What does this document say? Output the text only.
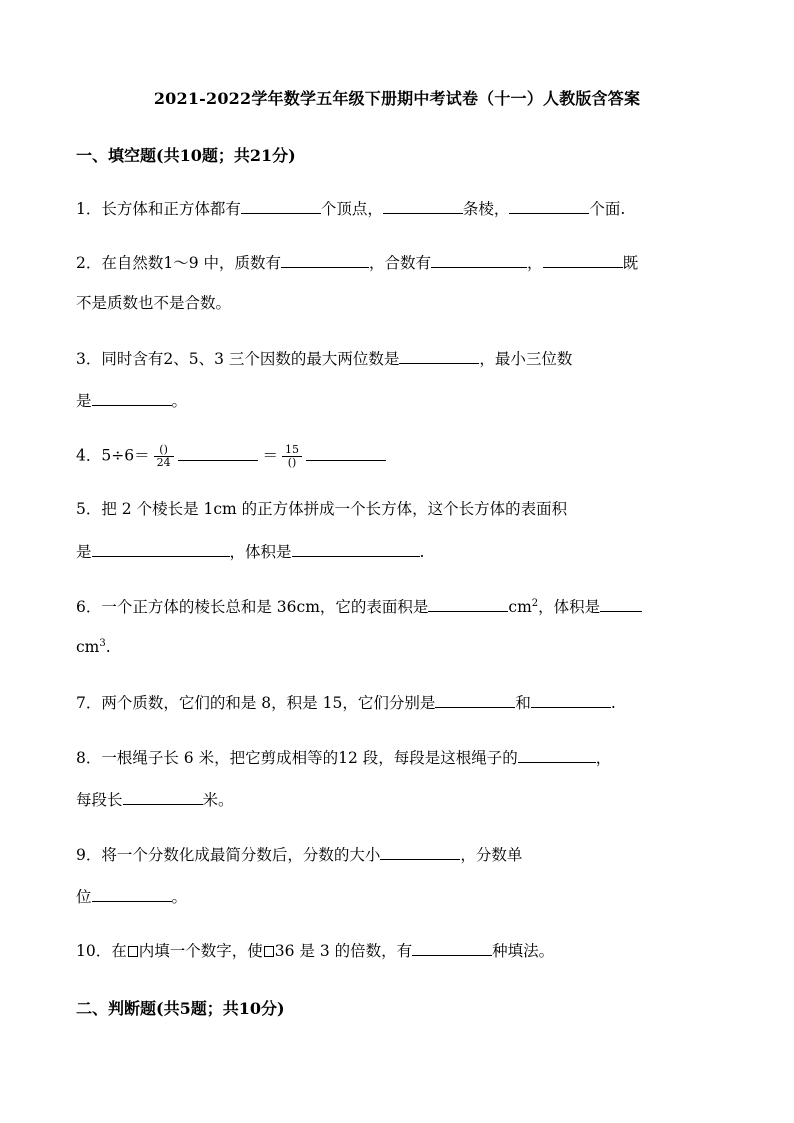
2021-2022学年数学五年级下册期中考试卷（十一）人教版含答案
一、填空题(共10题；共21分)
1．长方体和正方体都有	个顶点，	条棱，	个面.
2．在自然数1～9 中，质数有	，合数有	，	既
不是质数也不是合数。
3．同时含有2、5、3 三个因数的最大两位数是	，最小三位数
是	。
4．$5\div 6= \frac{()}{24}$	＝ $\frac{15}{()}$
5．把 2 个棱长是 1cm 的正方体拼成一个长方体，这个长方体的表面积
是	，体积是	.
6．一个正方体的棱长总和是 36cm，它的表面积是	$cm^2$，体积是
$cm^3$.
7．两个质数，它们的和是 8，积是 15，它们分别是	和	.
8．一根绳子长 6 米，把它剪成相等的12 段，每段是这根绳子的	，
每段长	米。
9．将一个分数化成最简分数后，分数的大小	，分数单
位	。
10．在 内填一个数字，使 36 是 3 的倍数，有	种填法。
二、判断题(共5题；共10分)
